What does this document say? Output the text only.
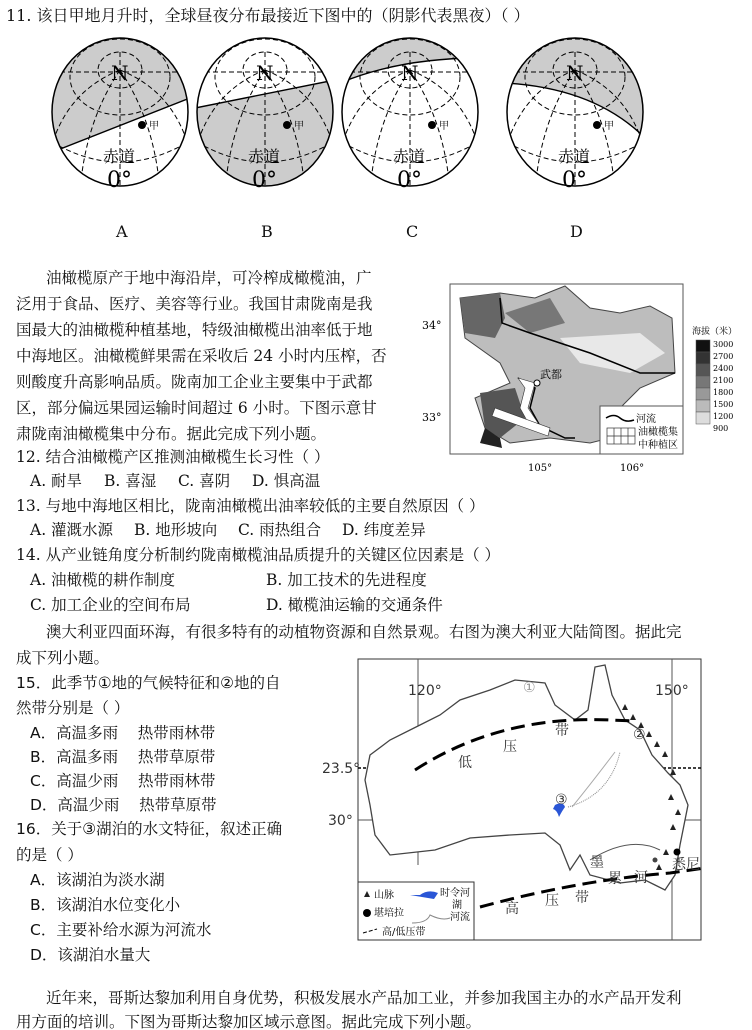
11. 该日甲地月升时，全球昼夜分布最接近下图中的（阴影代表黑夜）（ ）
N
甲
赤道
0°
N
甲
赤道
0°
N
甲
赤道
0°
N
甲
赤道
0°
A	B	C	D
油橄榄原产于地中海沿岸，可冷榨成橄榄油，广
泛用于食品、医疗、美容等行业。我国甘肃陇南是我
国最大的油橄榄种植基地，特级油橄榄出油率低于地
中海地区。油橄榄鲜果需在采收后 24 小时内压榨，否
则酸度升高影响品质。陇南加工企业主要集中于武都
区，部分偏远果园运输时间超过 6 小时。下图示意甘
肃陇南油橄榄集中分布。据此完成下列小题。
武都
34°
33°
105°	106°
河流
油橄榄集
中种植区
海拔（米）
3000
2700
2400
2100
1800
1500
1200
900
12. 结合油橄榄产区推测油橄榄生长习性（ ）
A. 耐旱 B. 喜湿 C. 喜阴 D. 惧高温
13. 与地中海地区相比，陇南油橄榄出油率较低的主要自然原因（ ）
A. 灌溉水源 B. 地形坡向 C. 雨热组合 D. 纬度差异
14. 从产业链角度分析制约陇南橄榄油品质提升的关键区位因素是（ ）
A. 油橄榄的耕作制度	B. 加工技术的先进程度
C. 加工企业的空间布局	D. 橄榄油运输的交通条件
澳大利亚四面环海，有很多特有的动植物资源和自然景观。右图为澳大利亚大陆简图。据此完
成下列小题。
15．此季节①地的气候特征和②地的自
然带分别是（ ）
A．高温多雨    热带雨林带
B．高温多雨    热带草原带
C．高温少雨    热带雨林带
D．高温少雨    热带草原带
16．关于③湖泊的水文特征，叙述正确
的是（ ）
A．该湖泊为淡水湖
B．该湖泊水位变化小
C．主要补给水源为河流水
D．该湖泊水量大
120°	150°
23.5°
30°
①
②
③
低
压
带
高 压 带
墨
累 河
悉尼
山脉	时令河
湖
堪培拉	河流
高/低压带
近年来，哥斯达黎加利用自身优势，积极发展水产品加工业，并参加我国主办的水产品开发利
用方面的培训。下图为哥斯达黎加区域示意图。据此完成下列小题。
